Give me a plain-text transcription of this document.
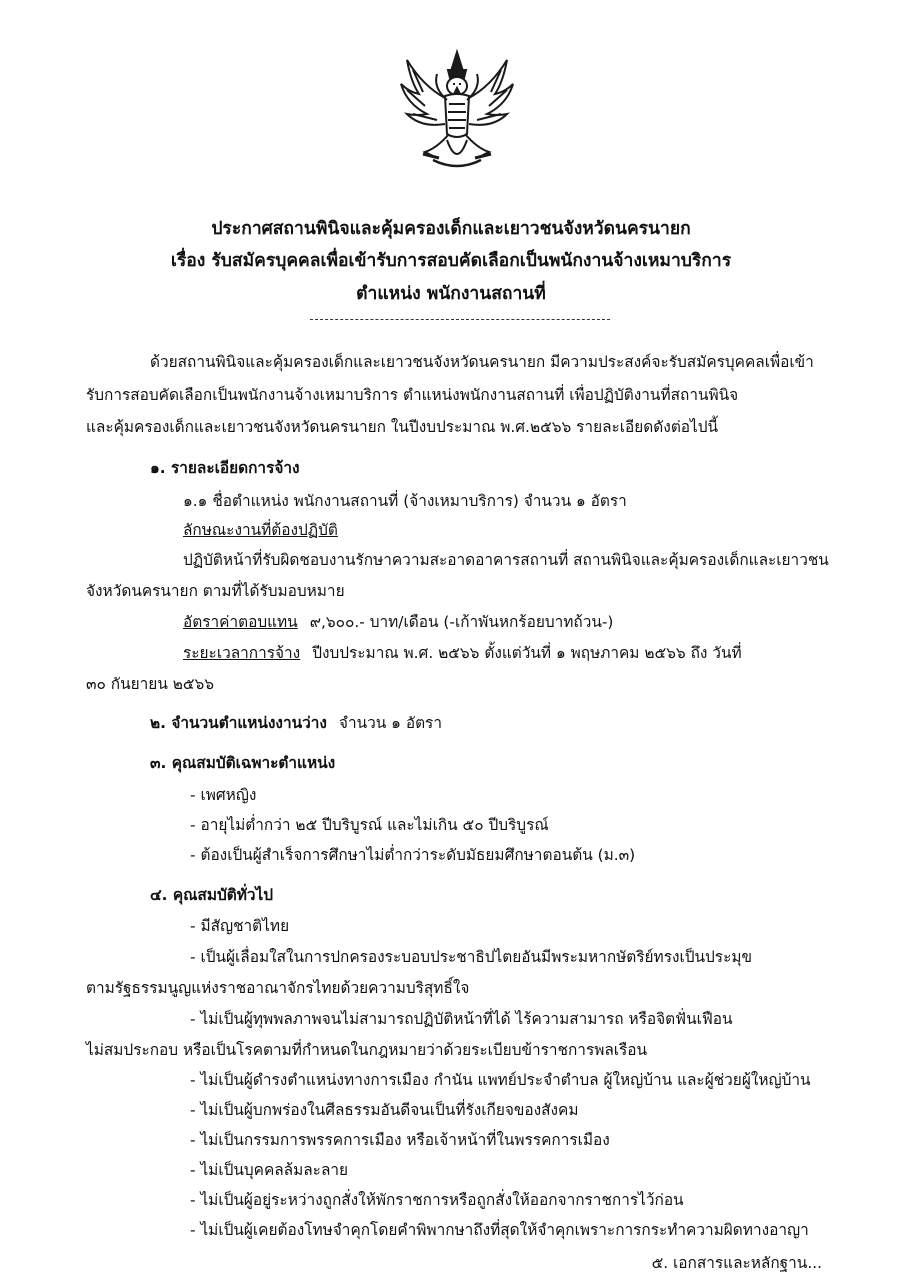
ประกาศสถานพินิจและคุ้มครองเด็กและเยาวชนจังหวัดนครนายก
เรื่อง รับสมัครบุคคลเพื่อเข้ารับการสอบคัดเลือกเป็นพนักงานจ้างเหมาบริการ
ตำแหน่ง พนักงานสถานที่
ด้วยสถานพินิจและคุ้มครองเด็กและเยาวชนจังหวัดนครนายก มีความประสงค์จะรับสมัครบุคคลเพื่อเข้า
รับการสอบคัดเลือกเป็นพนักงานจ้างเหมาบริการ ตำแหน่งพนักงานสถานที่ เพื่อปฏิบัติงานที่สถานพินิจ
และคุ้มครองเด็กและเยาวชนจังหวัดนครนายก ในปีงบประมาณ พ.ศ.๒๕๖๖ รายละเอียดดังต่อไปนี้
๑. รายละเอียดการจ้าง
๑.๑ ชื่อตำแหน่ง พนักงานสถานที่ (จ้างเหมาบริการ) จำนวน ๑ อัตรา
ลักษณะงานที่ต้องปฏิบัติ
ปฏิบัติหน้าที่รับผิดชอบงานรักษาความสะอาดอาคารสถานที่ สถานพินิจและคุ้มครองเด็กและเยาวชน
จังหวัดนครนายก ตามที่ได้รับมอบหมาย
อัตราค่าตอบแทน ๙,๖๐๐.- บาท/เดือน (-เก้าพันหกร้อยบาทถ้วน-)
ระยะเวลาการจ้าง ปีงบประมาณ พ.ศ. ๒๕๖๖ ตั้งแต่วันที่ ๑ พฤษภาคม ๒๕๖๖ ถึง วันที่
๓๐ กันยายน ๒๕๖๖
๒. จำนวนตำแหน่งงานว่าง จำนวน ๑ อัตรา
๓. คุณสมบัติเฉพาะตำแหน่ง
- เพศหญิง
- อายุไม่ต่ำกว่า ๒๕ ปีบริบูรณ์ และไม่เกิน ๕๐ ปีบริบูรณ์
- ต้องเป็นผู้สำเร็จการศึกษาไม่ต่ำกว่าระดับมัธยมศึกษาตอนต้น (ม.๓)
๔. คุณสมบัติทั่วไป
- มีสัญชาติไทย
- เป็นผู้เลื่อมใสในการปกครองระบอบประชาธิปไตยอันมีพระมหากษัตริย์ทรงเป็นประมุข
ตามรัฐธรรมนูญแห่งราชอาณาจักรไทยด้วยความบริสุทธิ์ใจ
- ไม่เป็นผู้ทุพพลภาพจนไม่สามารถปฏิบัติหน้าที่ได้ ไร้ความสามารถ หรือจิตฟั่นเฟือน
ไม่สมประกอบ หรือเป็นโรคตามที่กำหนดในกฎหมายว่าด้วยระเบียบข้าราชการพลเรือน
- ไม่เป็นผู้ดำรงตำแหน่งทางการเมือง กำนัน แพทย์ประจำตำบล ผู้ใหญ่บ้าน และผู้ช่วยผู้ใหญ่บ้าน
- ไม่เป็นผู้บกพร่องในศีลธรรมอันดีจนเป็นที่รังเกียจของสังคม
- ไม่เป็นกรรมการพรรคการเมือง หรือเจ้าหน้าที่ในพรรคการเมือง
- ไม่เป็นบุคคลล้มละลาย
- ไม่เป็นผู้อยู่ระหว่างถูกสั่งให้พักราชการหรือถูกสั่งให้ออกจากราชการไว้ก่อน
- ไม่เป็นผู้เคยต้องโทษจำคุกโดยคำพิพากษาถึงที่สุดให้จำคุกเพราะการกระทำความผิดทางอาญา
๕. เอกสารและหลักฐาน...
